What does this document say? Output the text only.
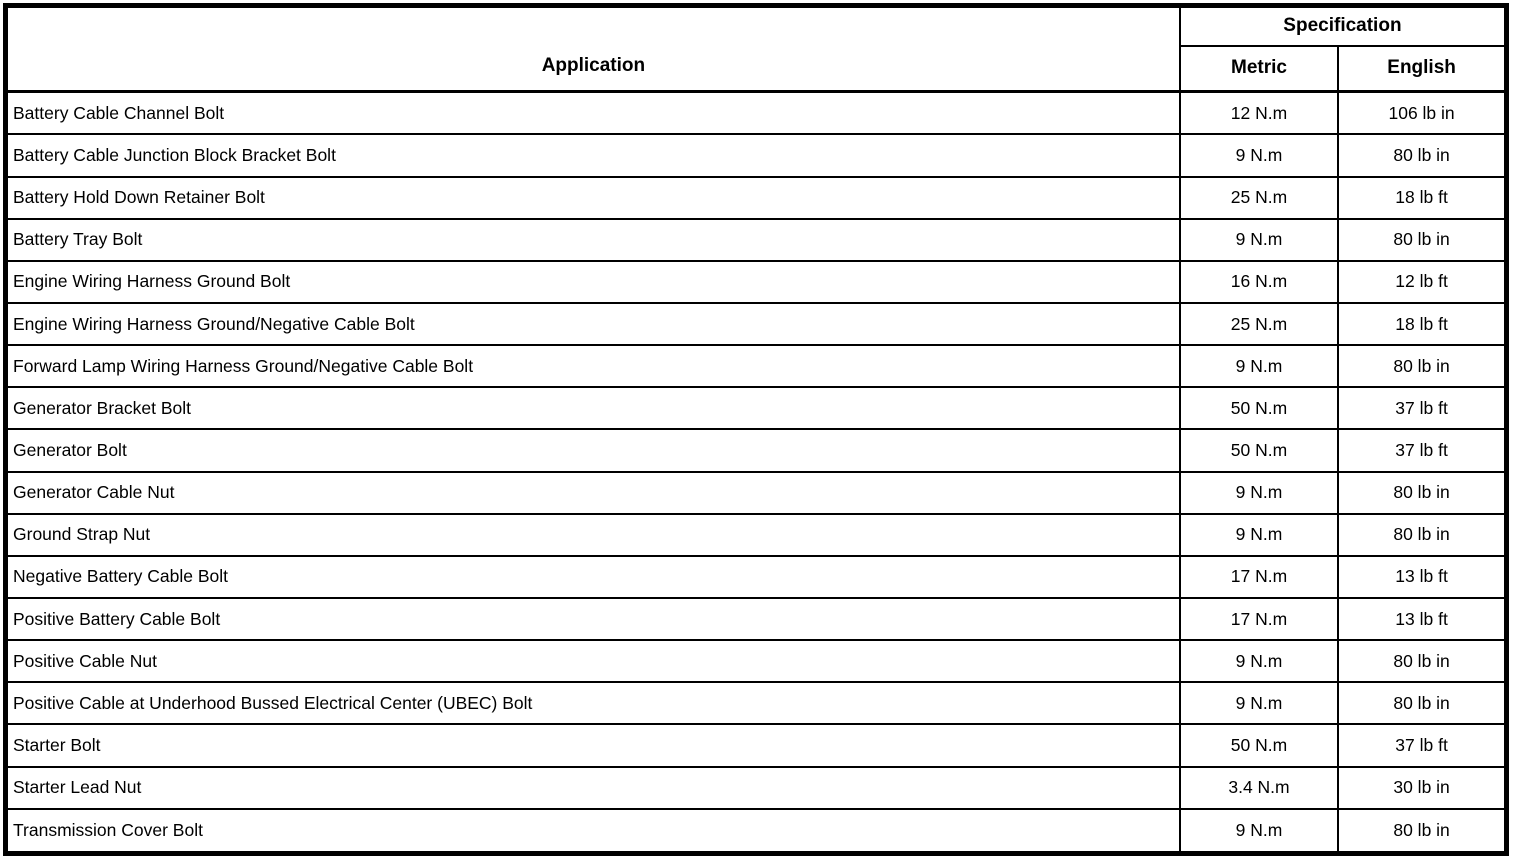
Application	Specification	
	Metric	English
Battery Cable Channel Bolt	12 N.m	106 lb in
Battery Cable Junction Block Bracket Bolt	9 N.m	80 lb in
Battery Hold Down Retainer Bolt	25 N.m	18 lb ft
Battery Tray Bolt	9 N.m	80 lb in
Engine Wiring Harness Ground Bolt	16 N.m	12 lb ft
Engine Wiring Harness Ground/Negative Cable Bolt	25 N.m	18 lb ft
Forward Lamp Wiring Harness Ground/Negative Cable Bolt	9 N.m	80 lb in
Generator Bracket Bolt	50 N.m	37 lb ft
Generator Bolt	50 N.m	37 lb ft
Generator Cable Nut	9 N.m	80 lb in
Ground Strap Nut	9 N.m	80 lb in
Negative Battery Cable Bolt	17 N.m	13 lb ft
Positive Battery Cable Bolt	17 N.m	13 lb ft
Positive Cable Nut	9 N.m	80 lb in
Positive Cable at Underhood Bussed Electrical Center (UBEC) Bolt	9 N.m	80 lb in
Starter Bolt	50 N.m	37 lb ft
Starter Lead Nut	3.4 N.m	30 lb in
Transmission Cover Bolt	9 N.m	80 lb in
